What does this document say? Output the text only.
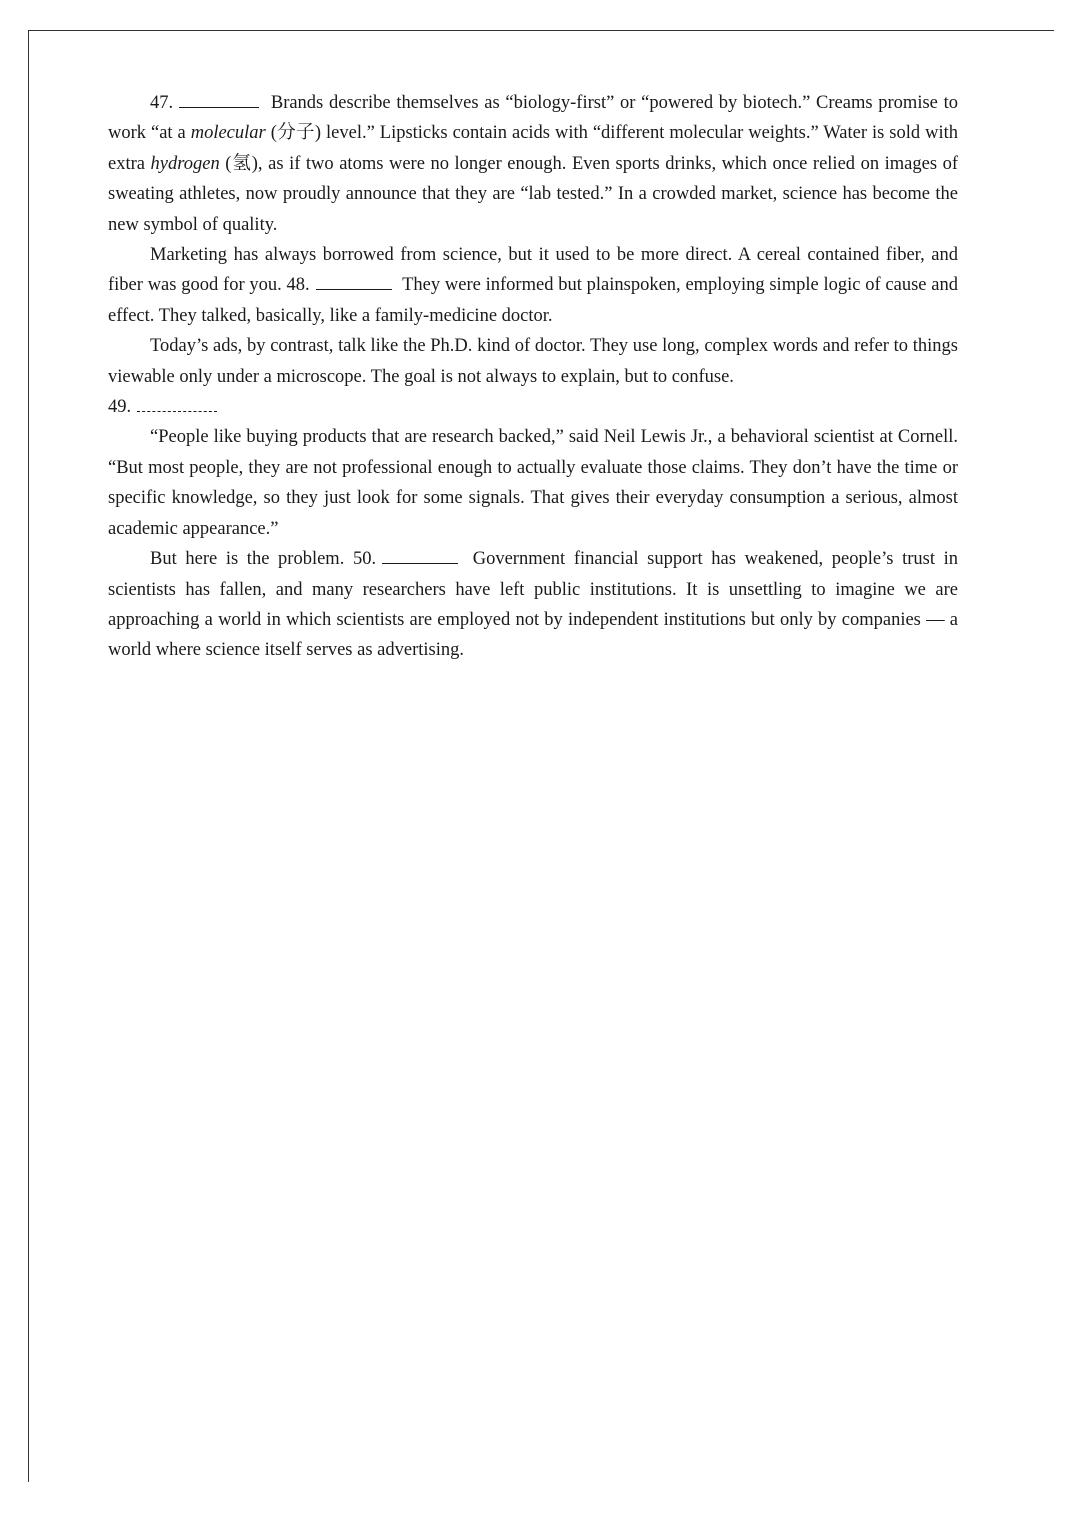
47.	Brands describe themselves as “biology-first” or “powered by biotech.” Creams promise to work “at a molecular (分子) level.” Lipsticks contain acids with “different molecular weights.” Water is sold with extra hydrogen (氢), as if two atoms were no longer enough. Even sports drinks, which once relied on images of sweating athletes, now proudly announce that they are “lab tested.” In a crowded market, science has become the new symbol of quality.

Marketing has always borrowed from science, but it used to be more direct. A cereal contained fiber, and fiber was good for you. 48.	They were informed but plainspoken, employing simple logic of cause and effect. They talked, basically, like a family-medicine doctor.

Today’s ads, by contrast, talk like the Ph.D. kind of doctor. They use long, complex words and refer to things viewable only under a microscope. The goal is not always to explain, but to confuse.

49.

“People like buying products that are research backed,” said Neil Lewis Jr., a behavioral scientist at Cornell. “But most people, they are not professional enough to actually evaluate those claims. They don’t have the time or specific knowledge, so they just look for some signals. That gives their everyday consumption a serious, almost academic appearance.”

But here is the problem. 50.	Government financial support has weakened, people’s trust in scientists has fallen, and many researchers have left public institutions. It is unsettling to imagine we are approaching a world in which scientists are employed not by independent institutions but only by companies — a world where science itself serves as advertising.
